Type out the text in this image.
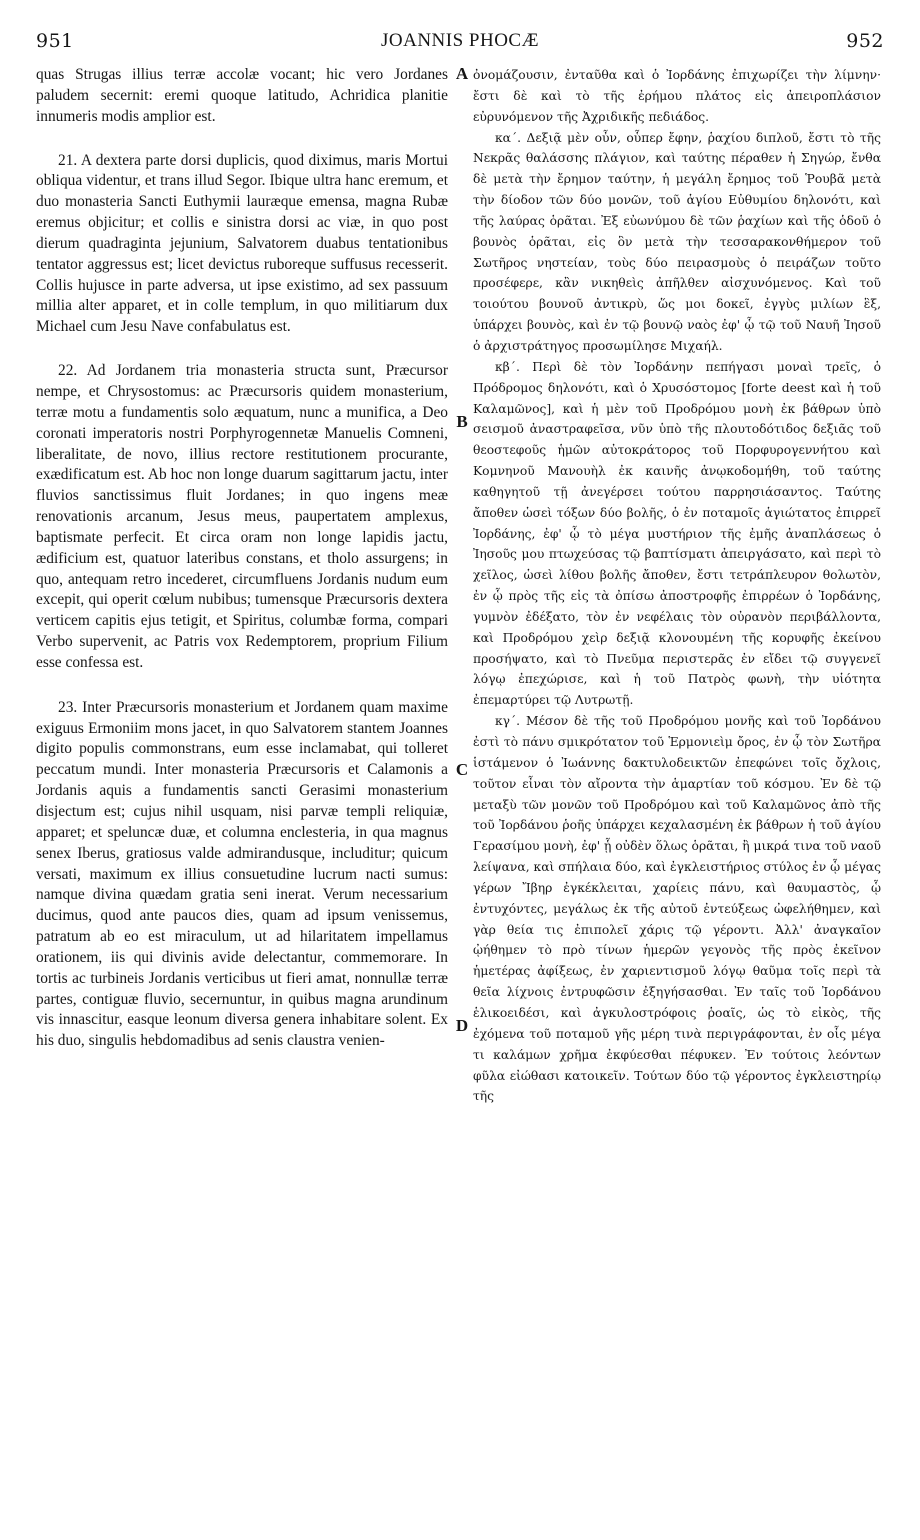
951	JOANNIS PHOCÆ	952

quas Strugas illius terræ accolæ vocant; hic vero Jordanes paludem secernit: eremi quoque latitudo, Achridica planitie innumeris modis amplior est.

21. A dextera parte dorsi duplicis, quod diximus, maris Mortui obliqua videntur, et trans illud Segor. Ibique ultra hanc eremum, et duo monasteria Sancti Euthymii lauræque emensa, magna Rubæ eremus objicitur; et collis e sinistra dorsi ac viæ, in quo post dierum quadraginta jejunium, Salvatorem duabus tentationibus tentator aggressus est; licet devictus ruboreque suffusus recesserit. Collis hujusce in parte adversa, ut ipse existimo, ad sex passuum millia alter apparet, et in colle templum, in quo militiarum dux Michael cum Jesu Nave confabulatus est.

22. Ad Jordanem tria monasteria structa sunt, Præcursor nempe, et Chrysostomus: ac Præcursoris quidem monasterium, terræ motu a fundamentis solo æquatum, nunc a munifica, a Deo coronati imperatoris nostri Porphyrogennetæ Manuelis Comneni, liberalitate, de novo, illius rectore restitutionem procurante, exædificatum est. Ab hoc non longe duarum sagittarum jactu, inter fluvios sanctissimus fluit Jordanes; in quo ingens meæ renovationis arcanum, Jesus meus, paupertatem amplexus, baptismate perfecit. Et circa oram non longe lapidis jactu, ædificium est, quatuor lateribus constans, et tholo assurgens; in quo, antequam retro incederet, circumfluens Jordanis nudum eum excepit, qui operit cœlum nubibus; tumensque Præcursoris dextera verticem capitis ejus tetigit, et Spiritus, columbæ forma, compari Verbo supervenit, ac Patris vox Redemptorem, proprium Filium esse confessa est.

23. Inter Præcursoris monasterium et Jordanem quam maxime exiguus Ermoniim mons jacet, in quo Salvatorem stantem Joannes digito populis commonstrans, eum esse inclamabat, qui tolleret peccatum mundi. Inter monasteria Præcursoris et Calamonis a Jordanis aquis a fundamentis sancti Gerasimi monasterium disjectum est; cujus nihil usquam, nisi parvæ templi reliquiæ, apparet; et speluncæ duæ, et columna enclesteria, in qua magnus senex Iberus, gratiosus valde admirandusque, includitur; quicum versati, maximum ex illius consuetudine lucrum nacti sumus: namque divina quædam gratia seni inerat. Verum necessarium ducimus, quod ante paucos dies, quam ad ipsum venissemus, patratum ab eo est miraculum, ut ad hilaritatem impellamus orationem, iis qui divinis avide delectantur, commemorare. In tortis ac turbineis Jordanis verticibus ut fieri amat, nonnullæ terræ partes, contiguæ fluvio, secernuntur, in quibus magna arundinum vis innascitur, easque leonum diversa genera inhabitare solent. Ex his duo, singulis hebdomadibus ad senis claustra venien-

A
B
C
D

ὀνομάζουσιν, ἐνταῦθα καὶ ὁ Ἰορδάνης ἐπιχωρίζει τὴν λίμνην· ἔστι δὲ καὶ τὸ τῆς ἐρήμου πλάτος εἰς ἀπειροπλάσιον εὐρυνόμενον τῆς Ἀχριδικῆς πεδιάδος.

κα΄. Δεξιᾷ μὲν οὖν, οὗπερ ἔφην, ῥαχίου διπλοῦ, ἔστι τὸ τῆς Νεκρᾶς θαλάσσης πλάγιον, καὶ ταύτης πέραθεν ἡ Σηγώρ, ἔνθα δὲ μετὰ τὴν ἔρημον ταύτην, ἡ μεγάλη ἔρημος τοῦ Ῥουβᾶ μετὰ τὴν δίοδον τῶν δύο μονῶν, τοῦ ἁγίου Εὐθυμίου δηλονότι, καὶ τῆς λαύρας ὁρᾶται. Ἐξ εὐωνύμου δὲ τῶν ῥαχίων καὶ τῆς ὁδοῦ ὁ βουνὸς ὁρᾶται, εἰς ὃν μετὰ τὴν τεσσαρακονθήμερον τοῦ Σωτῆρος νηστείαν, τοὺς δύο πειρασμοὺς ὁ πειράζων τοῦτο προσέφερε, κἂν νικηθεὶς ἀπῆλθεν αἰσχυνόμενος. Καὶ τοῦ τοιούτου βουνοῦ ἀντικρὺ, ὥς μοι δοκεῖ, ἐγγὺς μιλίων ἓξ, ὑπάρχει βουνὸς, καὶ ἐν τῷ βουνῷ ναὸς ἐφ' ᾧ τῷ τοῦ Ναυῆ Ἰησοῦ ὁ ἀρχιστράτηγος προσωμίλησε Μιχαήλ.

κβ΄. Περὶ δὲ τὸν Ἰορδάνην πεπήγασι μοναὶ τρεῖς, ὁ Πρόδρομος δηλονότι, καὶ ὁ Χρυσόστομος [forte deest καὶ ἡ τοῦ Καλαμῶνος], καὶ ἡ μὲν τοῦ Προδρόμου μονὴ ἐκ βάθρων ὑπὸ σεισμοῦ ἀναστραφεῖσα, νῦν ὑπὸ τῆς πλουτοδότιδος δεξιᾶς τοῦ θεοστεφοῦς ἡμῶν αὐτοκράτορος τοῦ Πορφυρογεννήτου καὶ Κομνηνοῦ Μανουὴλ ἐκ καινῆς ἀνῳκοδομήθη, τοῦ ταύτης καθηγητοῦ τῇ ἀνεγέρσει τούτου παρρησιάσαντος. Ταύτης ἄποθεν ὡσεὶ τόξων δύο βολῆς, ὁ ἐν ποταμοῖς ἁγιώτατος ἐπιρρεῖ Ἰορδάνης, ἐφ' ᾧ τὸ μέγα μυστήριον τῆς ἐμῆς ἀναπλάσεως ὁ Ἰησοῦς μου πτωχεύσας τῷ βαπτίσματι ἀπειργάσατο, καὶ περὶ τὸ χεῖλος, ὡσεὶ λίθου βολῆς ἄποθεν, ἔστι τετράπλευρον θολωτὸν, ἐν ᾧ πρὸς τῆς εἰς τὰ ὀπίσω ἀποστροφῆς ἐπιρρέων ὁ Ἰορδάνης, γυμνὸν ἐδέξατο, τὸν ἐν νεφέλαις τὸν οὐρανὸν περιβάλλοντα, καὶ Προδρόμου χεὶρ δεξιᾷ κλονουμένη τῆς κορυφῆς ἐκείνου προσήψατο, καὶ τὸ Πνεῦμα περιστερᾶς ἐν εἴδει τῷ συγγενεῖ λόγῳ ἐπεχώρισε, καὶ ἡ τοῦ Πατρὸς φωνὴ, τὴν υἱότητα ἐπεμαρτύρει τῷ Λυτρωτῇ.

κγ΄. Μέσον δὲ τῆς τοῦ Προδρόμου μονῆς καὶ τοῦ Ἰορδάνου ἐστὶ τὸ πάνυ σμικρότατον τοῦ Ἑρμονιεὶμ ὄρος, ἐν ᾧ τὸν Σωτῆρα ἱστάμενον ὁ Ἰωάννης δακτυλοδεικτῶν ἐπεφώνει τοῖς ὄχλοις, τοῦτον εἶναι τὸν αἴροντα τὴν ἁμαρτίαν τοῦ κόσμου. Ἐν δὲ τῷ μεταξὺ τῶν μονῶν τοῦ Προδρόμου καὶ τοῦ Καλαμῶνος ἀπὸ τῆς τοῦ Ἰορδάνου ῥοῆς ὑπάρχει κεχαλασμένη ἐκ βάθρων ἡ τοῦ ἁγίου Γερασίμου μονὴ, ἐφ' ᾗ οὐδὲν ὅλως ὁρᾶται, ἢ μικρά τινα τοῦ ναοῦ λείψανα, καὶ σπήλαια δύο, καὶ ἐγκλειστήριος στύλος ἐν ᾧ μέγας γέρων Ἴβηρ ἐγκέκλειται, χαρίεις πάνυ, καὶ θαυμαστὸς, ᾧ ἐντυχόντες, μεγάλως ἐκ τῆς αὐτοῦ ἐντεύξεως ὠφελήθημεν, καὶ γὰρ θεία τις ἐπιπολεῖ χάρις τῷ γέροντι. Ἀλλ' ἀναγκαῖον ᾠήθημεν τὸ πρὸ τίνων ἡμερῶν γεγονὸς τῆς πρὸς ἐκεῖνον ἡμετέρας ἀφίξεως, ἐν χαριεντισμοῦ λόγῳ θαῦμα τοῖς περὶ τὰ θεῖα λίχνοις ἐντρυφῶσιν ἐξηγήσασθαι. Ἐν ταῖς τοῦ Ἰορδάνου ἑλικοειδέσι, καὶ ἀγκυλοστρόφοις ῥοαῖς, ὡς τὸ εἰκὸς, τῆς ἐχόμενα τοῦ ποταμοῦ γῆς μέρη τινὰ περιγράφονται, ἐν οἷς μέγα τι καλάμων χρῆμα ἐκφύεσθαι πέφυκεν. Ἐν τούτοις λεόντων φῦλα εἰώθασι κατοικεῖν. Τούτων δύο τῷ γέροντος ἐγκλειστηρίῳ τῆς
